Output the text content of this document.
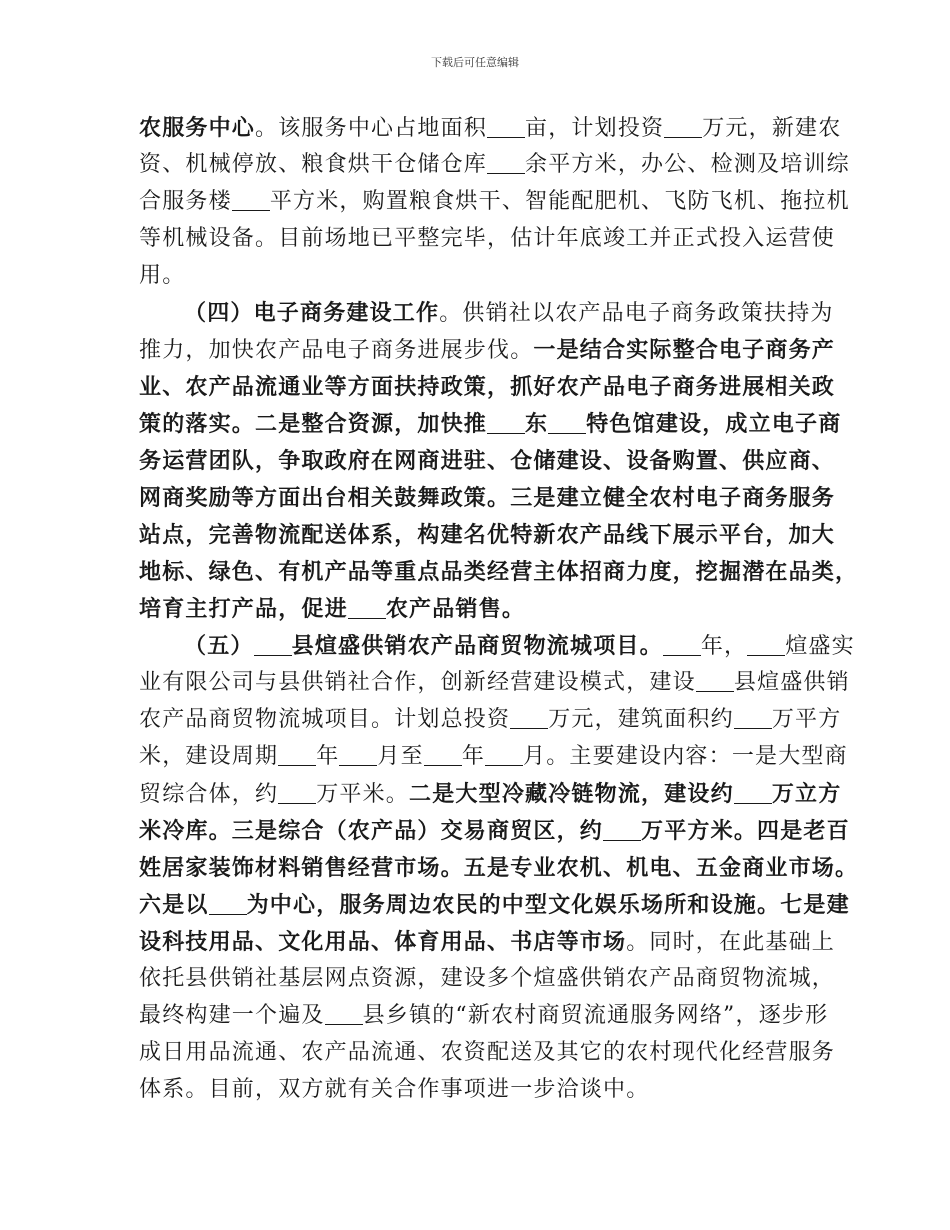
下载后可任意编辑
农服务中心。该服务中心占地面积 亩，计划投资 万元，新建农
资、机械停放、粮食烘干仓储仓库 余平方米，办公、检测及培训综
合服务楼 平方米，购置粮食烘干、智能配肥机、飞防飞机、拖拉机
等机械设备。目前场地已平整完毕，估计年底竣工并正式投入运营使
用。
（四）电子商务建设工作。供销社以农产品电子商务政策扶持为
推力，加快农产品电子商务进展步伐。一是结合实际整合电子商务产
业、农产品流通业等方面扶持政策，抓好农产品电子商务进展相关政
策的落实。二是整合资源，加快推 东 特色馆建设，成立电子商
务运营团队，争取政府在网商进驻、仓储建设、设备购置、供应商、
网商奖励等方面出台相关鼓舞政策。三是建立健全农村电子商务服务
站点，完善物流配送体系，构建名优特新农产品线下展示平台，加大
地标、绿色、有机产品等重点品类经营主体招商力度，挖掘潜在品类，
培育主打产品，促进 农产品销售。
（五） 县煊盛供销农产品商贸物流城项目。 年， 煊盛实
业有限公司与县供销社合作，创新经营建设模式，建设 县煊盛供销
农产品商贸物流城项目。计划总投资 万元，建筑面积约 万平方
米，建设周期 年 月至 年 月。主要建设内容：一是大型商
贸综合体，约 万平米。二是大型冷藏冷链物流，建设约 万立方
米冷库。三是综合（农产品）交易商贸区，约 万平方米。四是老百
姓居家装饰材料销售经营市场。五是专业农机、机电、五金商业市场。
六是以 为中心，服务周边农民的中型文化娱乐场所和设施。七是建
设科技用品、文化用品、体育用品、书店等市场。同时，在此基础上
依托县供销社基层网点资源，建设多个煊盛供销农产品商贸物流城，
最终构建一个遍及 县乡镇的“新农村商贸流通服务网络”，逐步形
成日用品流通、农产品流通、农资配送及其它的农村现代化经营服务
体系。目前，双方就有关合作事项进一步洽谈中。
